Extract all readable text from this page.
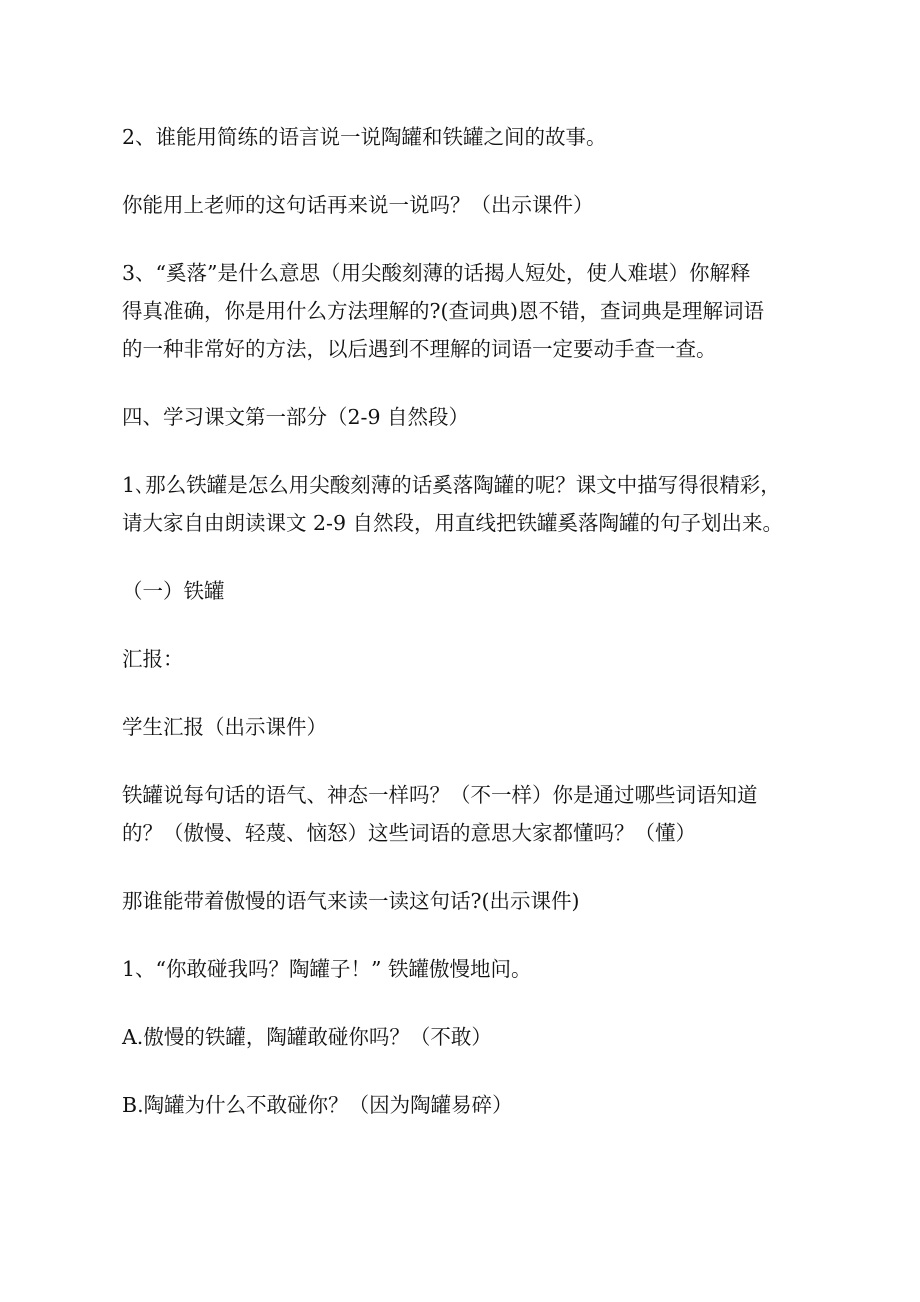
2、谁能用简练的语言说一说陶罐和铁罐之间的故事。

你能用上老师的这句话再来说一说吗？（出示课件）

3、“奚落”是什么意思（用尖酸刻薄的话揭人短处，使人难堪）你解释
得真准确，你是用什么方法理解的?(查词典)恩不错，查词典是理解词语
的一种非常好的方法，以后遇到不理解的词语一定要动手查一查。

四、学习课文第一部分（2-9 自然段）

1､那么铁罐是怎么用尖酸刻薄的话奚落陶罐的呢？课文中描写得很精彩，
请大家自由朗读课文 2-9 自然段，用直线把铁罐奚落陶罐的句子划出来。

（一）铁罐

汇报：

学生汇报（出示课件）

铁罐说每句话的语气、神态一样吗？（不一样）你是通过哪些词语知道
的？（傲慢、轻蔑、恼怒）这些词语的意思大家都懂吗？（懂）

那谁能带着傲慢的语气来读一读这句话?(出示课件)

1、“你敢碰我吗？陶罐子！” 铁罐傲慢地问。

A.傲慢的铁罐，陶罐敢碰你吗？（不敢）

B.陶罐为什么不敢碰你？（因为陶罐易碎）
